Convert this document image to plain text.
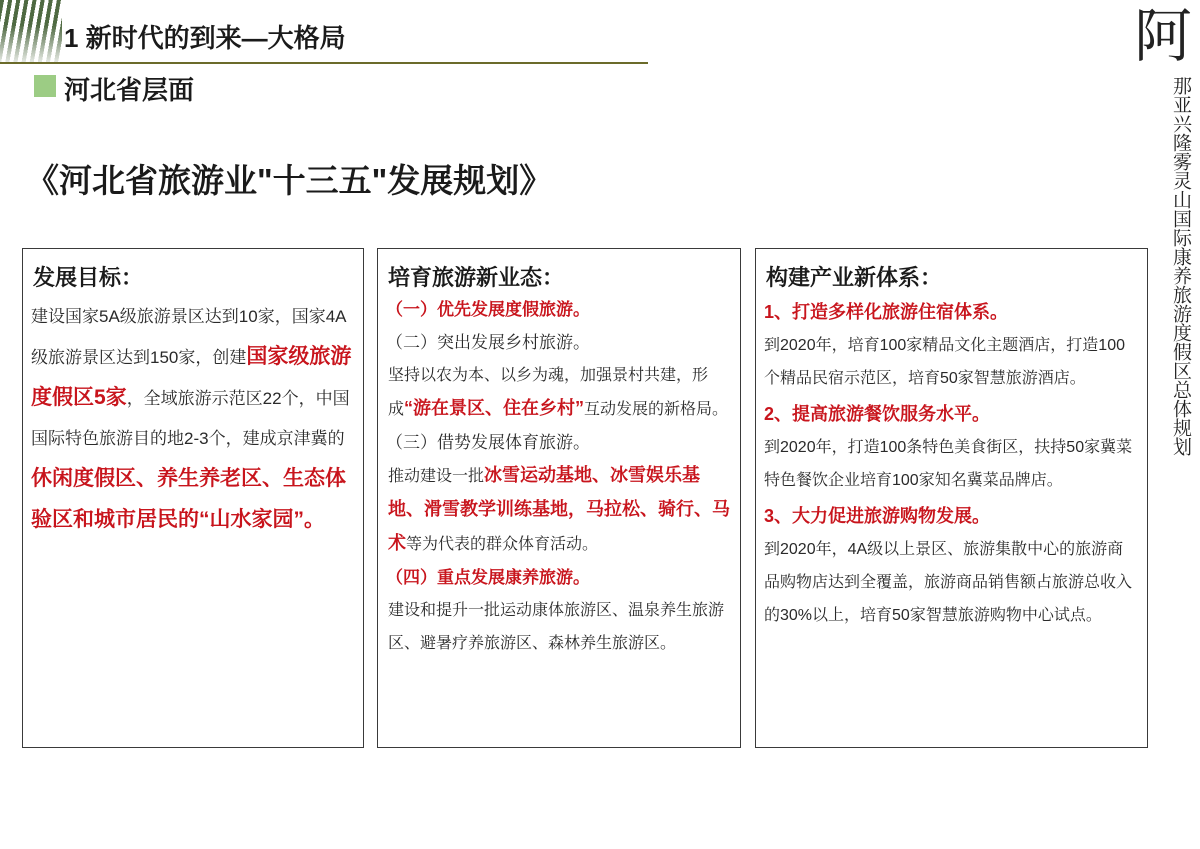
1 新时代的到来—大格局
河北省层面
《河北省旅游业"十三五"发展规划》
阿
那亚兴隆雾灵山国际康养旅游度假区总体规划
发展目标：
建设国家5A级旅游景区达到10家，国家4A级旅游景区达到150家，创建国家级旅游度假区5家，全域旅游示范区22个，中国国际特色旅游目的地2-3个，建成京津冀的休闲度假区、养生养老区、生态体验区和城市居民的“山水家园”。
培育旅游新业态：
（一）优先发展度假旅游。
（二）突出发展乡村旅游。
坚持以农为本、以乡为魂，加强景村共建，形成“游在景区、住在乡村”互动发展的新格局。
（三）借势发展体育旅游。
推动建设一批冰雪运动基地、冰雪娱乐基地、滑雪教学训练基地，马拉松、骑行、马术等为代表的群众体育活动。
（四）重点发展康养旅游。
建设和提升一批运动康体旅游区、温泉养生旅游区、避暑疗养旅游区、森林养生旅游区。
构建产业新体系：
1、打造多样化旅游住宿体系。
到2020年，培育100家精品文化主题酒店，打造100个精品民宿示范区，培育50家智慧旅游酒店。
2、提高旅游餐饮服务水平。
到2020年，打造100条特色美食街区，扶持50家冀菜特色餐饮企业培育100家知名冀菜品牌店。
3、大力促进旅游购物发展。
到2020年，4A级以上景区、旅游集散中心的旅游商品购物店达到全覆盖，旅游商品销售额占旅游总收入的30%以上，培育50家智慧旅游购物中心试点。
